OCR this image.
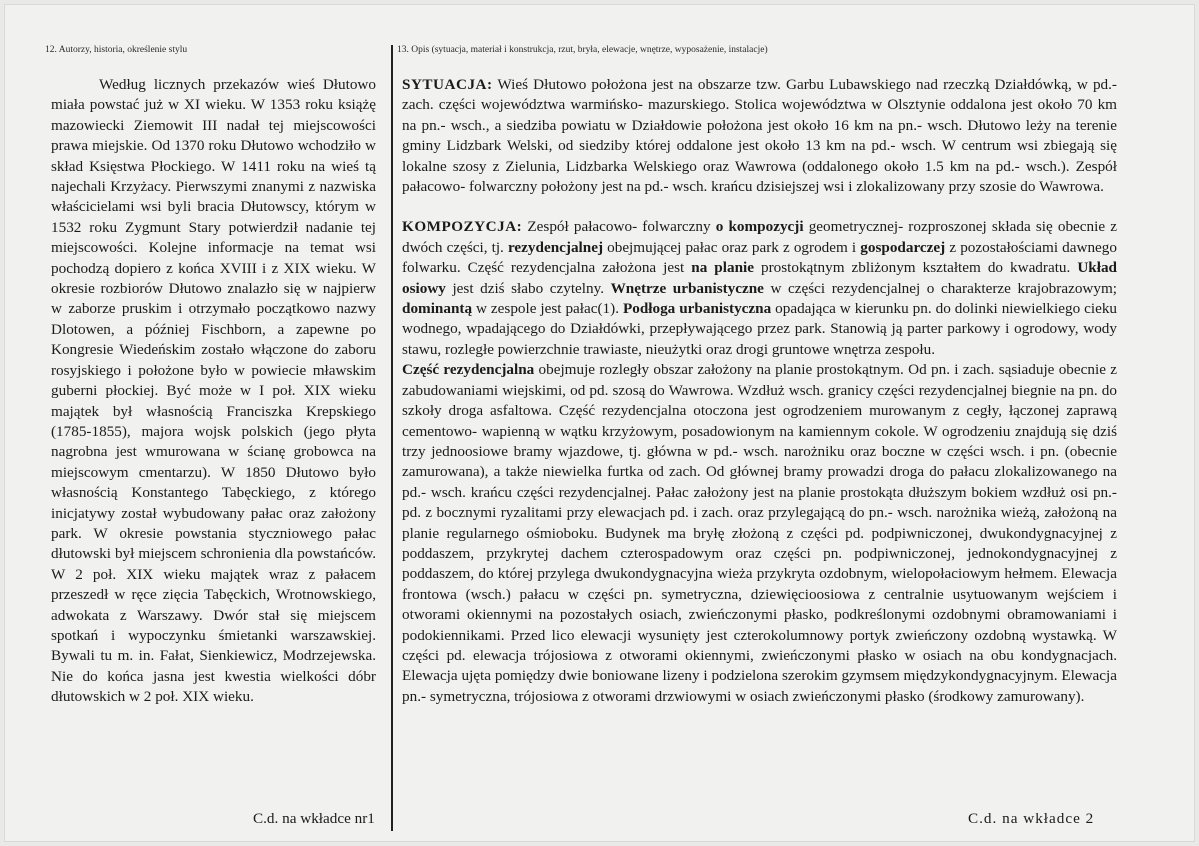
12. Autorzy, historia, określenie stylu	13. Opis (sytuacja, materiał i konstrukcja, rzut, bryła, elewacje, wnętrze, wyposażenie, instalacje)

Według licznych przekazów wieś Dłutowo miała powstać już w XI wieku. W 1353 roku książę mazowiecki Ziemowit III nadał tej miejscowości prawa miejskie. Od 1370 roku Dłutowo wchodziło w skład Księstwa Płockiego. W 1411 roku na wieś tą najechali Krzyżacy. Pierwszymi znanymi z nazwiska właścicielami wsi byli bracia Dłutowscy, którym w 1532 roku Zygmunt Stary potwierdził nadanie tej miejscowości. Kolejne informacje na temat wsi pochodzą dopiero z końca XVIII i z XIX wieku. W okresie rozbiorów Dłutowo znalazło się w najpierw w zaborze pruskim i otrzymało początkowo nazwy Dlotowen, a później Fischborn, a zapewne po Kongresie Wiedeńskim zostało włączone do zaboru rosyjskiego i położone było w powiecie mławskim guberni płockiej. Być może w I poł. XIX wieku majątek był własnością Franciszka Krepskiego (1785-1855), majora wojsk polskich (jego płyta nagrobna jest wmurowana w ścianę grobowca na miejscowym cmentarzu). W 1850 Dłutowo było własnością Konstantego Tabęckiego, z którego inicjatywy został wybudowany pałac oraz założony park. W okresie powstania styczniowego pałac dłutowski był miejscem schronienia dla powstańców. W 2 poł. XIX wieku majątek wraz z pałacem przeszedł w ręce zięcia Tabęckich, Wrotnowskiego, adwokata z Warszawy. Dwór stał się miejscem spotkań i wypoczynku śmietanki warszawskiej. Bywali tu m. in. Fałat, Sienkiewicz, Modrzejewska. Nie do końca jasna jest kwestia wielkości dóbr dłutowskich w 2 poł. XIX wieku.

C.d. na wkładce nr1

SYTUACJA: Wieś Dłutowo położona jest na obszarze tzw. Garbu Lubawskiego nad rzeczką Działdówką, w pd.- zach. części województwa warmińsko- mazurskiego. Stolica województwa w Olsztynie oddalona jest około 70 km na pn.- wsch., a siedziba powiatu w Działdowie położona jest około 16 km na pn.- wsch. Dłutowo leży na terenie gminy Lidzbark Welski, od siedziby której oddalone jest około 13 km na pd.- wsch. W centrum wsi zbiegają się lokalne szosy z Zielunia, Lidzbarka Welskiego oraz Wawrowa (oddalonego około 1.5 km na pd.- wsch.). Zespół pałacowo- folwarczny położony jest na pd.- wsch. krańcu dzisiejszej wsi i zlokalizowany przy szosie do Wawrowa.

KOMPOZYCJA: Zespół pałacowo- folwarczny o kompozycji geometrycznej- rozproszonej składa się obecnie z dwóch części, tj. rezydencjalnej obejmującej pałac oraz park z ogrodem i gospodarczej z pozostałościami dawnego folwarku. Część rezydencjalna założona jest na planie prostokątnym zbliżonym kształtem do kwadratu. Układ osiowy jest dziś słabo czytelny. Wnętrze urbanistyczne w części rezydencjalnej o charakterze krajobrazowym; dominantą w zespole jest pałac(1). Podłoga urbanistyczna opadająca w kierunku pn. do dolinki niewielkiego cieku wodnego, wpadającego do Działdówki, przepływającego przez park. Stanowią ją parter parkowy i ogrodowy, wody stawu, rozległe powierzchnie trawiaste, nieużytki oraz drogi gruntowe wnętrza zespołu.

Część rezydencjalna obejmuje rozległy obszar założony na planie prostokątnym. Od pn. i zach. sąsiaduje obecnie z zabudowaniami wiejskimi, od pd. szosą do Wawrowa. Wzdłuż wsch. granicy części rezydencjalnej biegnie na pn. do szkoły droga asfaltowa. Część rezydencjalna otoczona jest ogrodzeniem murowanym z cegły, łączonej zaprawą cementowo- wapienną w wątku krzyżowym, posadowionym na kamiennym cokole. W ogrodzeniu znajdują się dziś trzy jednoosiowe bramy wjazdowe, tj. główna w pd.- wsch. narożniku oraz boczne w części wsch. i pn. (obecnie zamurowana), a także niewielka furtka od zach. Od głównej bramy prowadzi droga do pałacu zlokalizowanego na pd.- wsch. krańcu części rezydencjalnej. Pałac założony jest na planie prostokąta dłuższym bokiem wzdłuż osi pn.- pd. z bocznymi ryzalitami przy elewacjach pd. i zach. oraz przylegającą do pn.- wsch. narożnika wieżą, założoną na planie regularnego ośmioboku. Budynek ma bryłę złożoną z części pd. podpiwniczonej, dwukondygnacyjnej z poddaszem, przykrytej dachem czterospadowym oraz części pn. podpiwniczonej, jednokondygnacyjnej z poddaszem, do której przylega dwukondygnacyjna wieża przykryta ozdobnym, wielopołaciowym hełmem. Elewacja frontowa (wsch.) pałacu w części pn. symetryczna, dziewięcioosiowa z centralnie usytuowanym wejściem i otworami okiennymi na pozostałych osiach, zwieńczonymi płasko, podkreślonymi ozdobnymi obramowaniami i podokiennikami. Przed lico elewacji wysunięty jest czterokolumnowy portyk zwieńczony ozdobną wystawką. W części pd. elewacja trójosiowa z otworami okiennymi, zwieńczonymi płasko w osiach na obu kondygnacjach. Elewacja ujęta pomiędzy dwie boniowane lizeny i podzielona szerokim gzymsem międzykondygnacyjnym. Elewacja pn.- symetryczna, trójosiowa z otworami drzwiowymi w osiach zwieńczonymi płasko (środkowy zamurowany).

C.d. na wkładce 2
